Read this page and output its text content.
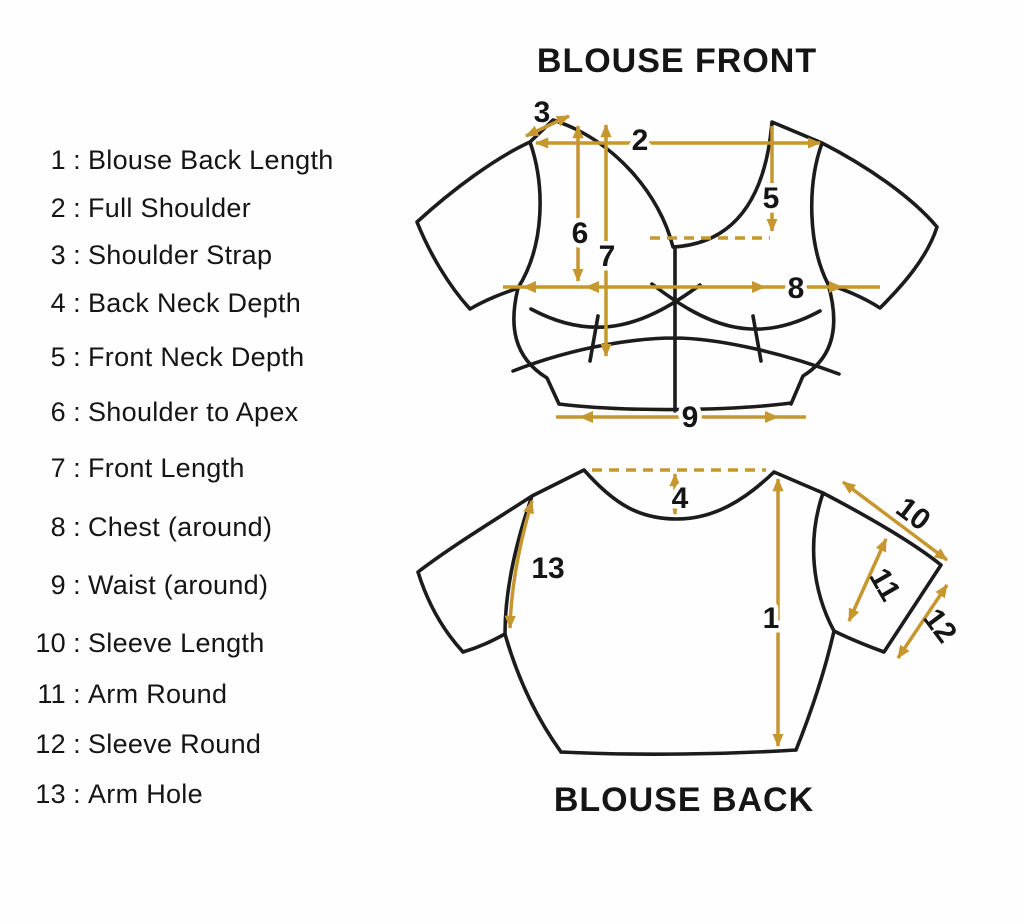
1 : Blouse Back Length
2 : Full Shoulder
3 : Shoulder Strap
4 : Back Neck Depth
5 : Front Neck Depth
6 : Shoulder to Apex
7 : Front Length
8 : Chest (around)
9 : Waist (around)
10 : Sleeve Length
11 : Arm Round
12 : Sleeve Round
13 : Arm Hole
BLOUSE FRONT
3
2
5
6
7
8
9
4
13
1
10
11
12
BLOUSE BACK
